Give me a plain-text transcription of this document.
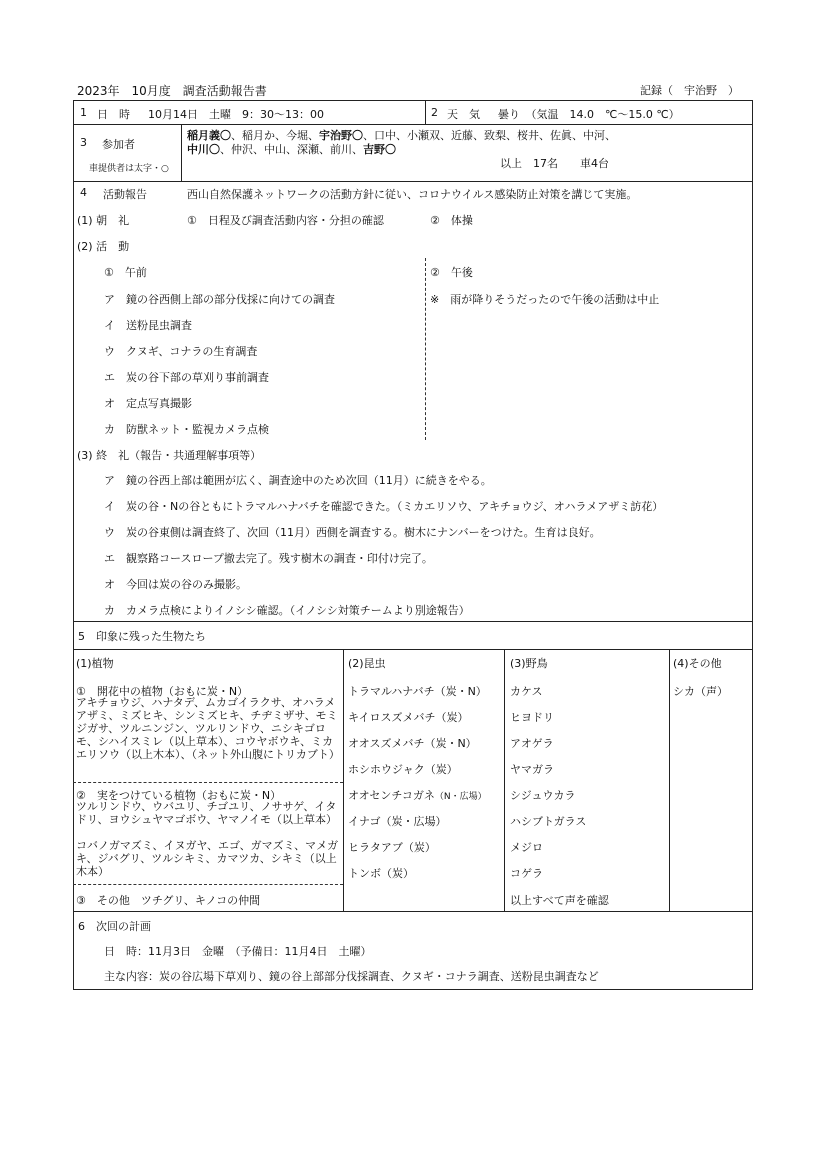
2023年　10月度　調査活動報告書	記録（　宇治野　）
1 日　時 10月14日　土曜　9：30～13：00	2 天　気 曇り　（気温　14.0　℃～15.0 ℃）
3 参加者
車提供者は太字・○
稲月義〇、稲月か、今堀、宇治野〇、口中、小瀬双、近藤、致梨、桜井、佐眞、中河、
中川〇、仲沢、中山、深瀬、前川、吉野〇
以上　17名　　車4台
4 活動報告	西山自然保護ネットワークの活動方針に従い、コロナウイルス感染防止対策を講じて実施。
(1) 朝　礼	①　日程及び調査活動内容・分担の確認	②　体操
(2) 活　動
①　午前	②　午後
※　雨が降りそうだったので午後の活動は中止
ア　鏡の谷西側上部の部分伐採に向けての調査
イ　送粉昆虫調査
ウ　クヌギ、コナラの生育調査
エ　炭の谷下部の草刈り事前調査
オ　定点写真撮影
カ　防獣ネット・監視カメラ点検
(3) 終　礼（報告・共通理解事項等）
ア　鏡の谷西上部は範囲が広く、調査途中のため次回（11月）に続きをやる。
イ　炭の谷・Nの谷ともにトラマルハナバチを確認できた。（ミカエリソウ、アキチョウジ、オハラメアザミ訪花）
ウ　炭の谷東側は調査終了、次回（11月）西側を調査する。樹木にナンバーをつけた。生育は良好。
エ　観察路コースロープ撤去完了。残す樹木の調査・印付け完了。
オ　今回は炭の谷のみ撮影。
カ　カメラ点検によりイノシシ確認。（イノシシ対策チームより別途報告）
5　印象に残った生物たち
(1)植物
①　開花中の植物（おもに炭・N）
アキチョウジ、ハナタデ、ムカゴイラクサ、オハラメアザミ、ミズヒキ、シンミズヒキ、チヂミザサ、モミジガサ、ツルニンジン、ツルリンドウ、ニシキゴロモ、シハイスミレ（以上草本）、コウヤボウキ、ミカエリソウ（以上木本）、（ネット外山腹にトリカブト）
②　実をつけている植物（おもに炭・N）
ツルリンドウ、ウバユリ、チゴユリ、ノササゲ、イタドリ、ヨウシュヤマゴボウ、ヤマノイモ（以上草本）
コバノガマズミ、イヌガヤ、エゴ、ガマズミ、マメガキ、ジバグリ、ツルシキミ、カマツカ、シキミ（以上木本）
③　その他　ツチグリ、キノコの仲間
(2)昆虫
トラマルハナバチ（炭・N）
キイロスズメバチ（炭）
オオスズメバチ（炭・N）
ホシホウジャク（炭）
オオセンチコガネ（N・広場）
イナゴ（炭・広場）
ヒラタアブ（炭）
トンボ（炭）
(3)野鳥
カケス
ヒヨドリ
アオゲラ
ヤマガラ
シジュウカラ
ハシブトガラス
メジロ
コゲラ
以上すべて声を確認
(4)その他
シカ（声）
6　次回の計画
日　時：11月3日　金曜　（予備日：11月4日　土曜）
主な内容：炭の谷広場下草刈り、鏡の谷上部部分伐採調査、クヌギ・コナラ調査、送粉昆虫調査など
